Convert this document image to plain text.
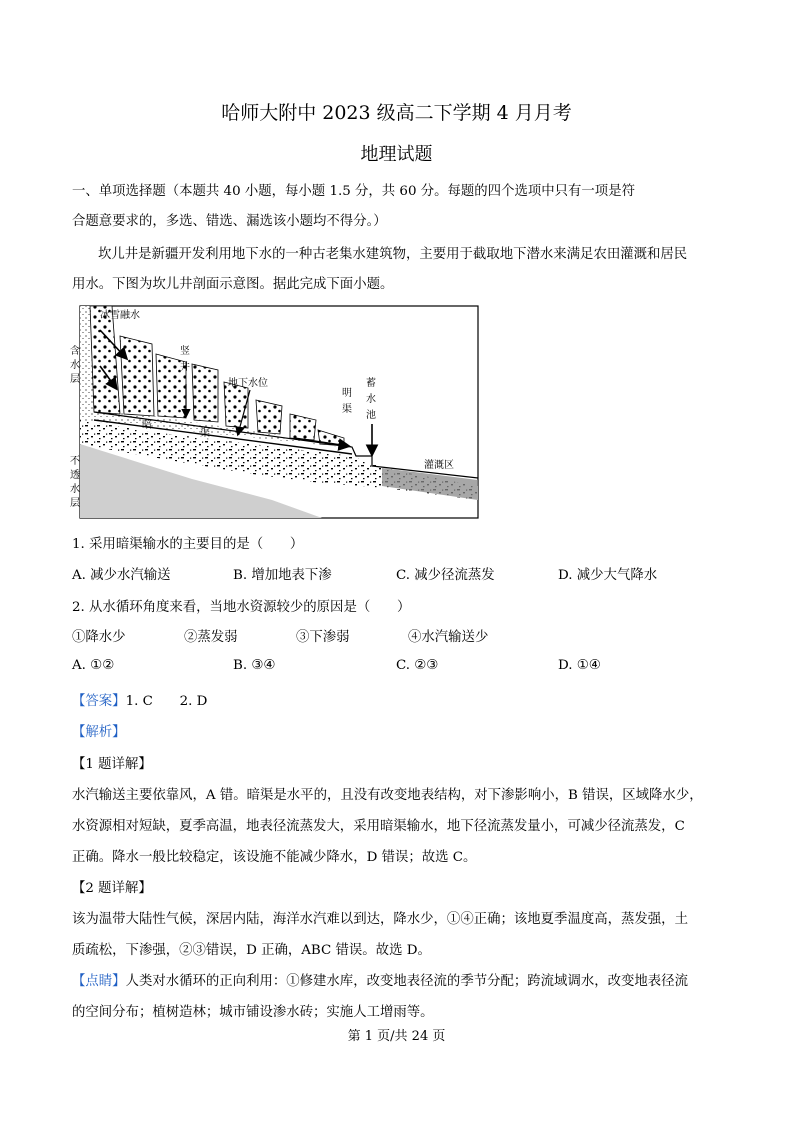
哈师大附中 2023 级高二下学期 4 月月考
地理试题
一、单项选择题（本题共 40 小题，每小题 1.5 分，共 60 分。每题的四个选项中只有一项是符
合题意要求的，多选、错选、漏选该小题均不得分。）
坎儿井是新疆开发利用地下水的一种古老集水建筑物，主要用于截取地下潜水来满足农田灌溉和居民
用水。下图为坎儿井剖面示意图。据此完成下面小题。
冰雪融水
含
水
层
不
透
水
层
竖
井
地下水位
暗
渠
明
渠
蓄
水
池
灌溉区
1. 采用暗渠输水的主要目的是（　　）
A. 减少水汽输送	B. 增加地表下渗	C. 减少径流蒸发	D. 减少大气降水
2. 从水循环角度来看，当地水资源较少的原因是（　　）
①降水少	②蒸发弱	③下渗弱	④水汽输送少
A. ①②	B. ③④	C. ②③	D. ①④
【答案】1. C　　2. D
【解析】
【1 题详解】
水汽输送主要依靠风，A 错。暗渠是水平的，且没有改变地表结构，对下渗影响小，B 错误，区域降水少，
水资源相对短缺，夏季高温，地表径流蒸发大，采用暗渠输水，地下径流蒸发量小，可减少径流蒸发，C
正确。降水一般比较稳定，该设施不能减少降水，D 错误；故选 C。
【2 题详解】
该为温带大陆性气候，深居内陆，海洋水汽难以到达，降水少，①④正确；该地夏季温度高，蒸发强，土
质疏松，下渗强，②③错误，D 正确，ABC 错误。故选 D。
【点睛】人类对水循环的正向利用：①修建水库，改变地表径流的季节分配；跨流域调水，改变地表径流
的空间分布；植树造林；城市铺设渗水砖；实施人工增雨等。
第 1 页/共 24 页
